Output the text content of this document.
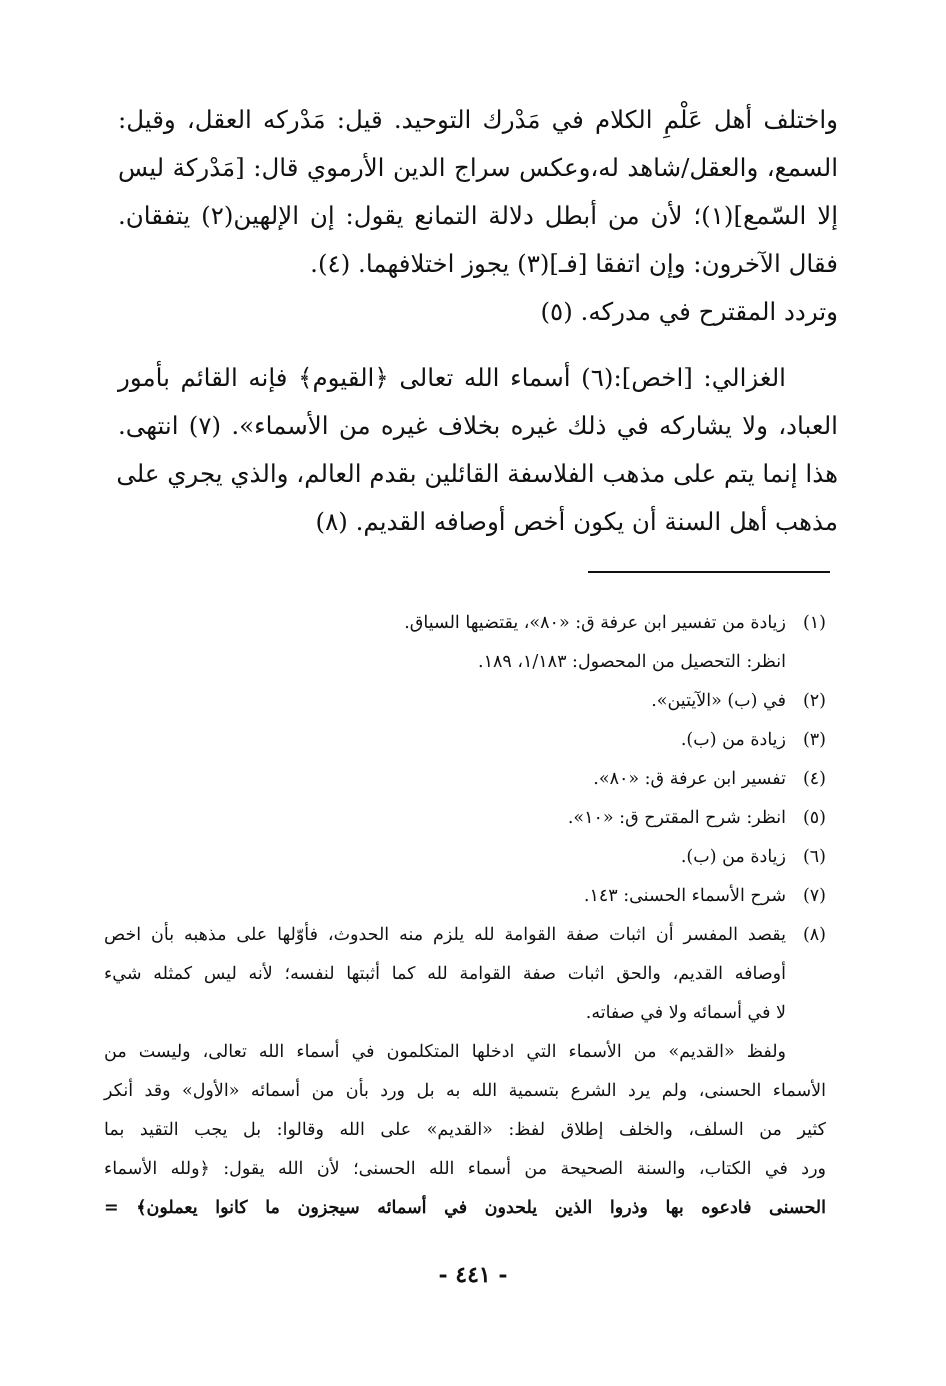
واختلف أهل عَلْمِ الكلام في مَدْرك التوحيد. قيل: مَدْركه العقل، وقيل:
السمع، والعقل/شاهد له،وعكس سراج الدين الأرموي قال: [مَدْركة ليس
إلا السّمع](١)؛ لأن من أبطل دلالة التمانع يقول: إن الإلهين(٢) يتفقان.
فقال الآخرون: وإن اتفقا [فـ](٣) يجوز اختلافهما. (٤).
وتردد المقترح في مدركه. (٥)

الغزالي: [اخص]:(٦) أسماء الله تعالى ﴿القيوم﴾ فإنه القائم بأمور
العباد، ولا يشاركه في ذلك غيره بخلاف غيره من الأسماء». (٧) انتهى.
هذا إنما يتم على مذهب الفلاسفة القائلين بقدم العالم، والذي يجري على
مذهب أهل السنة أن يكون أخص أوصافه القديم. (٨)

(١)
زيادة من تفسير ابن عرفة ق: «٨٠»، يقتضيها السياق.
انظر: التحصيل من المحصول: ١/١٨٣، ١٨٩.
(٢)
في (ب) «الآيتين».
(٣)
زيادة من (ب).
(٤)
تفسير ابن عرفة ق: «٨٠».
(٥)
انظر: شرح المقترح ق: «١٠».
(٦)
زيادة من (ب).
(٧)
شرح الأسماء الحسنى: ١٤٣.
(٨)
يقصد المفسر أن اثبات صفة القوامة لله يلزم منه الحدوث، فأوّلها على مذهبه بأن اخص
أوصافه القديم، والحق اثبات صفة القوامة لله كما أثبتها لنفسه؛ لأنه ليس كمثله شيء
لا في أسمائه ولا في صفاته.
ولفظ «القديم» من الأسماء التي ادخلها المتكلمون في أسماء الله تعالى، وليست من
الأسماء الحسنى، ولم يرد الشرع بتسمية الله به بل ورد بأن من أسمائه «الأول» وقد أنكر
كثير من السلف، والخلف إطلاق لفظ: «القديم» على الله وقالوا: بل يجب التقيد بما
ورد في الكتاب، والسنة الصحيحة من أسماء الله الحسنى؛ لأن الله يقول: ﴿ولله الأسماء
الحسنى فادعوه بها وذروا الذين يلحدون في أسمائه سيجزون ما كانوا يعملون﴾ =
- ٤٤١ -
